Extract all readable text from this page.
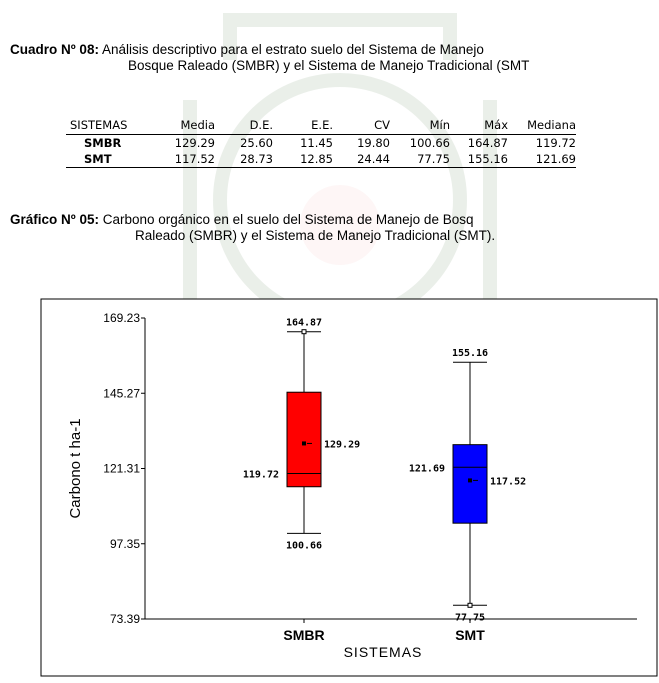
Cuadro Nº 08: Análisis descriptivo para el estrato suelo del Sistema de Manejo
Bosque Raleado (SMBR) y el Sistema de Manejo Tradicional (SMT
SISTEMAS	Media	D.E.	E.E.	CV	Mín	Máx	Mediana
SMBR	129.29	25.60	11.45	19.80	100.66	164.87	119.72
SMT	117.52	28.73	12.85	24.44	77.75	155.16	121.69
Gráfico Nº 05: Carbono orgánico en el suelo del Sistema de Manejo de Bosq
Raleado (SMBR) y el Sistema de Manejo Tradicional (SMT).
169.23
145.27
121.31
97.35
73.39
Carbono t ha-1
SMBR	SMT
SISTEMAS
164.87
100.66
119.72
129.29
155.16
77.75
121.69
117.52
